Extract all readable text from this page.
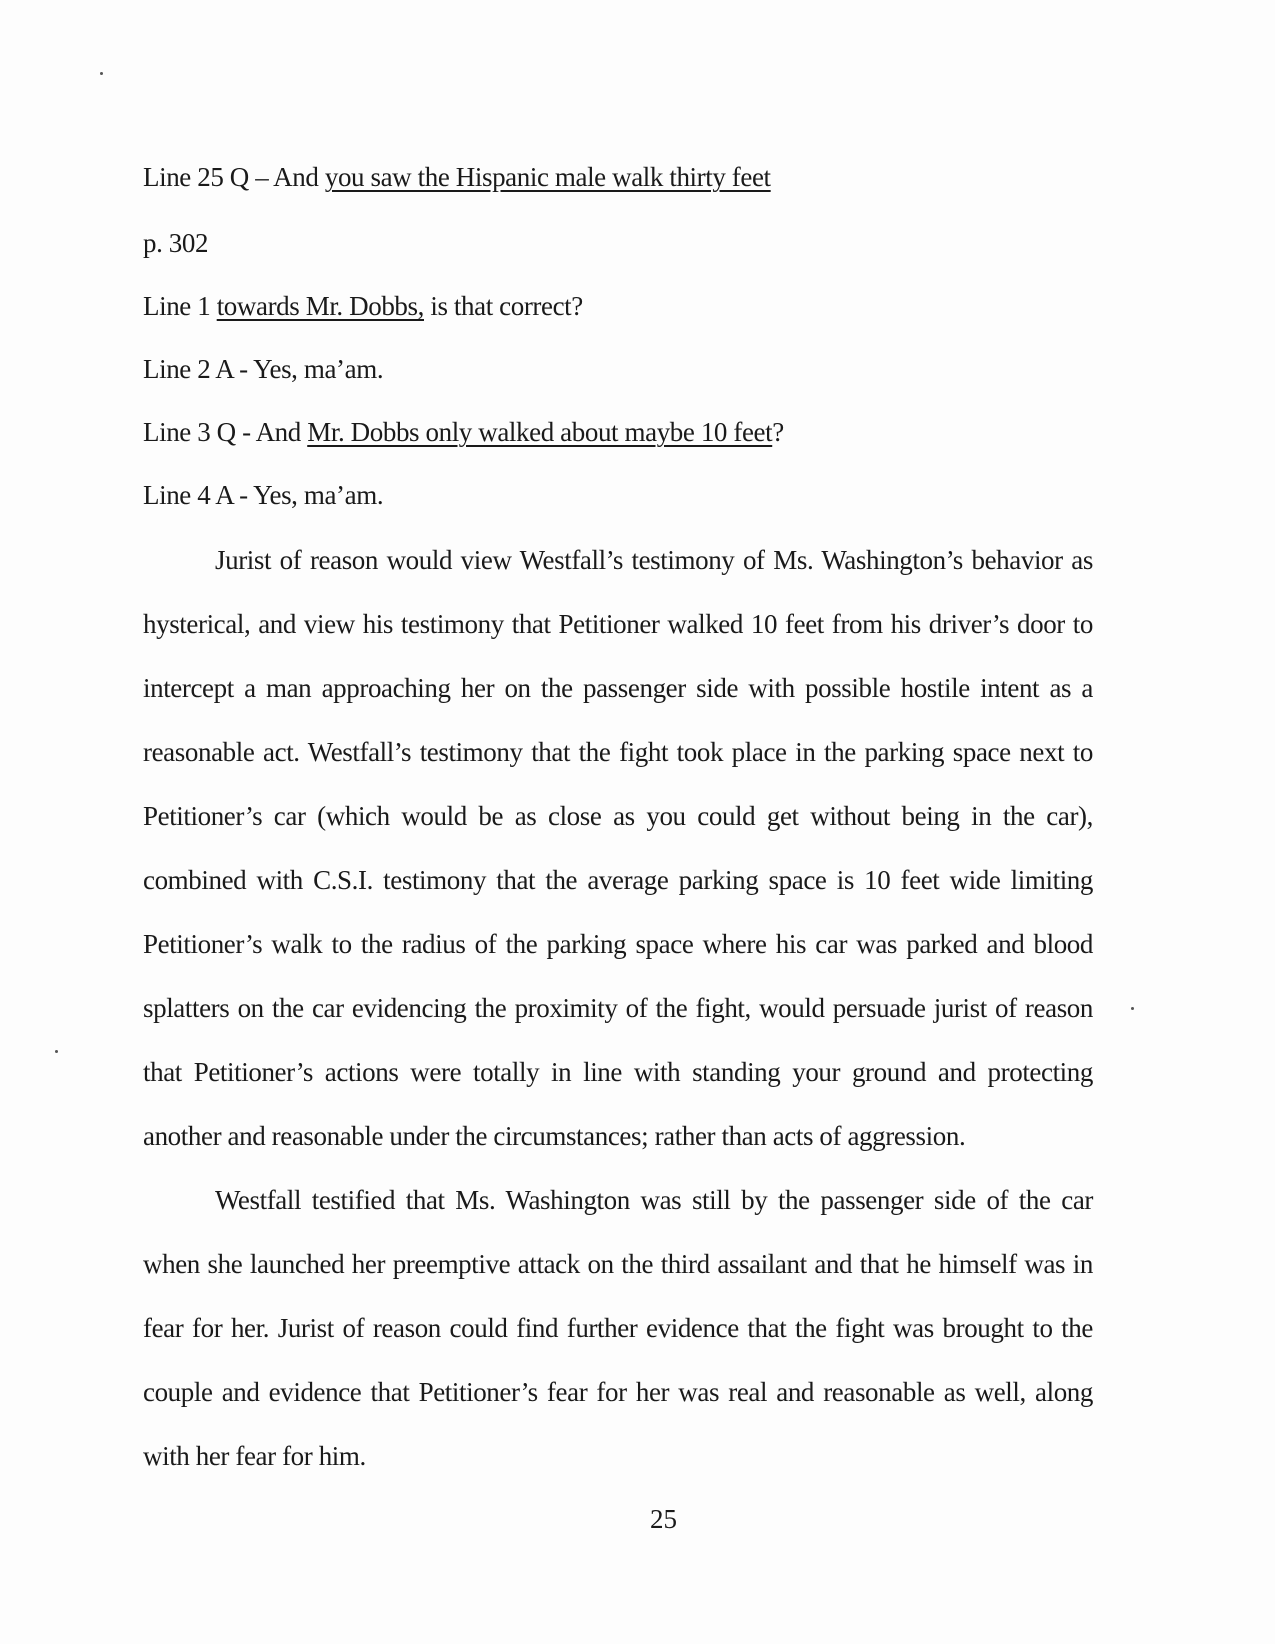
Line 25 Q – And you saw the Hispanic male walk thirty feet
p. 302
Line 1 towards Mr. Dobbs, is that correct?
Line 2 A - Yes, ma’am.
Line 3 Q - And Mr. Dobbs only walked about maybe 10 feet?
Line 4 A - Yes, ma’am.

Jurist of reason would view Westfall’s testimony of Ms. Washington’s behavior as hysterical, and view his testimony that Petitioner walked 10 feet from his driver’s door to intercept a man approaching her on the passenger side with possible hostile intent as a reasonable act. Westfall’s testimony that the fight took place in the parking space next to Petitioner’s car (which would be as close as you could get without being in the car), combined with C.S.I. testimony that the average parking space is 10 feet wide limiting Petitioner’s walk to the radius of the parking space where his car was parked and blood splatters on the car evidencing the proximity of the fight, would persuade jurist of reason that Petitioner’s actions were totally in line with standing your ground and protecting another and reasonable under the circumstances; rather than acts of aggression.

Westfall testified that Ms. Washington was still by the passenger side of the car when she launched her preemptive attack on the third assailant and that he himself was in fear for her. Jurist of reason could find further evidence that the fight was brought to the couple and evidence that Petitioner’s fear for her was real and reasonable as well, along with her fear for him.

25
